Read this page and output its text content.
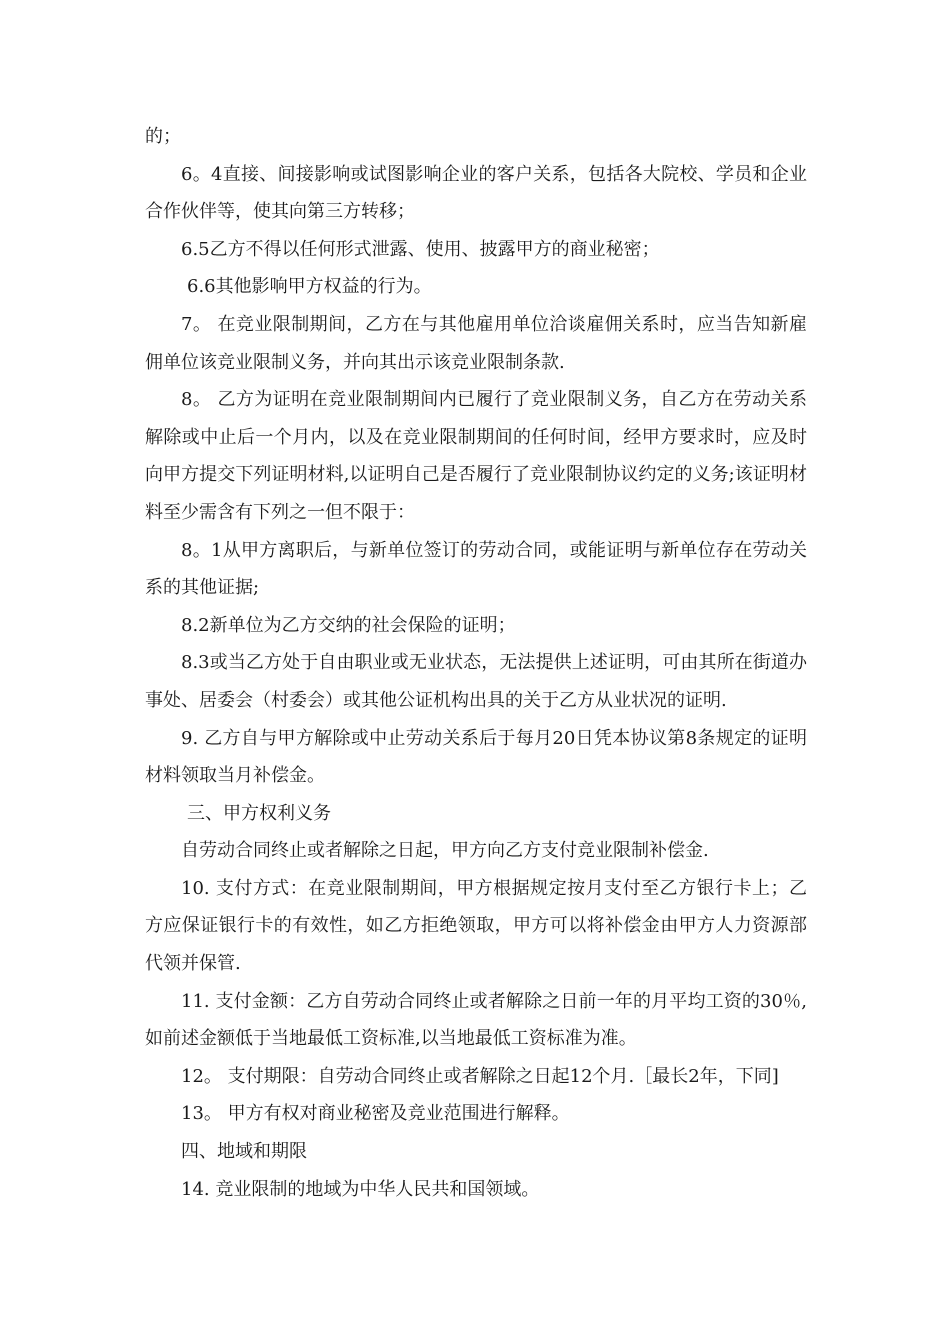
的；

6。4直接、间接影响或试图影响企业的客户关系，包括各大院校、学员和企业合作伙伴等，使其向第三方转移；

6.5乙方不得以任何形式泄露、使用、披露甲方的商业秘密；

6.6其他影响甲方权益的行为。

7。 在竞业限制期间，乙方在与其他雇用单位洽谈雇佣关系时，应当告知新雇佣单位该竞业限制义务，并向其出示该竞业限制条款.

8。 乙方为证明在竞业限制期间内已履行了竞业限制义务，自乙方在劳动关系解除或中止后一个月内，以及在竞业限制期间的任何时间，经甲方要求时，应及时向甲方提交下列证明材料,以证明自己是否履行了竞业限制协议约定的义务;该证明材料至少需含有下列之一但不限于：

8。1从甲方离职后，与新单位签订的劳动合同，或能证明与新单位存在劳动关系的其他证据;

8.2新单位为乙方交纳的社会保险的证明；

8.3或当乙方处于自由职业或无业状态，无法提供上述证明，可由其所在街道办事处、居委会（村委会）或其他公证机构出具的关于乙方从业状况的证明.

9. 乙方自与甲方解除或中止劳动关系后于每月20日凭本协议第8条规定的证明材料领取当月补偿金。

三、甲方权利义务

自劳动合同终止或者解除之日起，甲方向乙方支付竞业限制补偿金.

10. 支付方式：在竞业限制期间，甲方根据规定按月支付至乙方银行卡上；乙方应保证银行卡的有效性，如乙方拒绝领取，甲方可以将补偿金由甲方人力资源部代领并保管.

11. 支付金额：乙方自劳动合同终止或者解除之日前一年的月平均工资的30％,如前述金额低于当地最低工资标准,以当地最低工资标准为准。

12。 支付期限：自劳动合同终止或者解除之日起12个月.［最长2年，下同]

13。 甲方有权对商业秘密及竞业范围进行解释。

四、地域和期限

14. 竞业限制的地域为中华人民共和国领域。
